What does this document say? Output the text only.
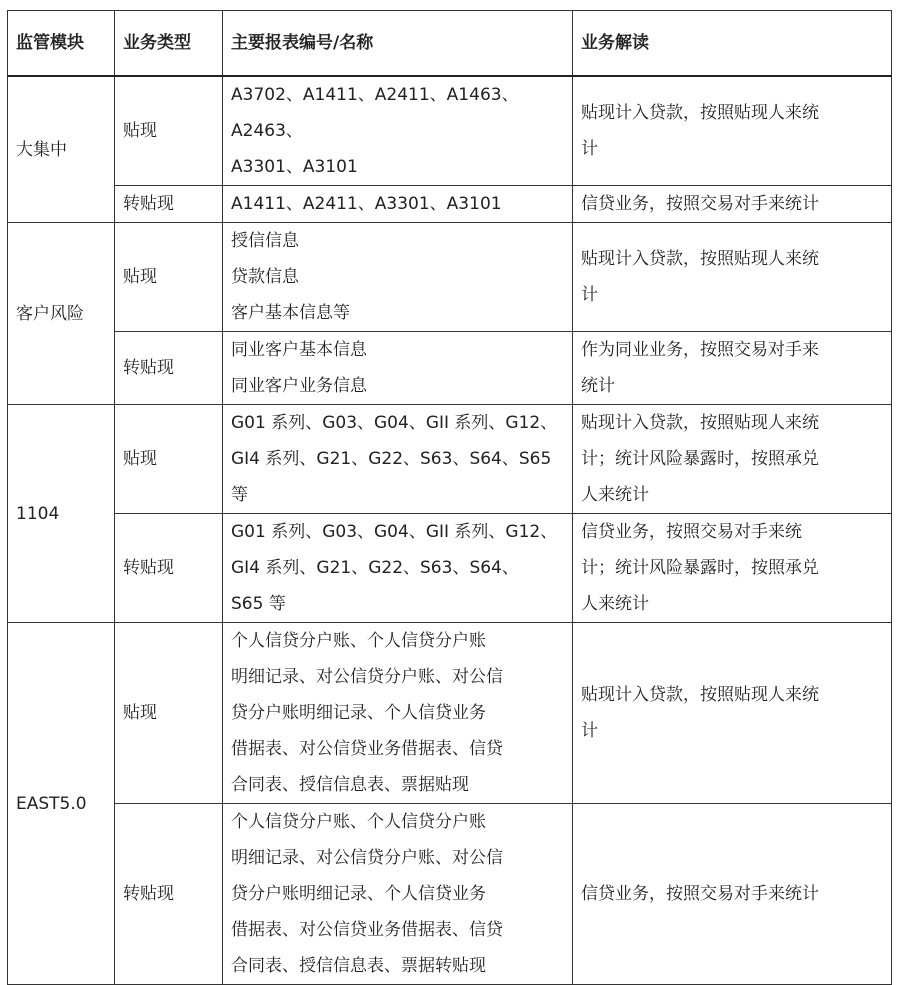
监管模块	业务类型	主要报表编号/名称	业务解读
大集中	贴现	A3702、A1411、A2411、A1463、A2463、
A3301、A3101	贴现计入贷款，按照贴现人来统
计

	转贴现	A1411、A2411、A3301、A3101	信贷业务，按照交易对手来统计

客户风险	贴现	授信信息
贷款信息
客户基本信息等	贴现计入贷款，按照贴现人来统
计

	转贴现	同业客户基本信息
同业客户业务信息	作为同业业务，按照交易对手来
统计

1104	贴现	G01 系列、G03、G04、GII 系列、G12、
GI4 系列、G21、G22、S63、S64、S65
等	贴现计入贷款，按照贴现人来统
计；统计风险暴露时，按照承兑
人来统计

	转贴现	G01 系列、G03、G04、GII 系列、G12、
GI4 系列、G21、G22、S63、S64、
S65 等	信贷业务，按照交易对手来统
计；统计风险暴露时，按照承兑
人来统计

EAST5.0	贴现	个人信贷分户账、个人信贷分户账
明细记录、对公信贷分户账、对公信
贷分户账明细记录、个人信贷业务
借据表、对公信贷业务借据表、信贷
合同表、授信信息表、票据贴现	贴现计入贷款，按照贴现人来统
计

	转贴现	个人信贷分户账、个人信贷分户账
明细记录、对公信贷分户账、对公信
贷分户账明细记录、个人信贷业务
借据表、对公信贷业务借据表、信贷
合同表、授信信息表、票据转贴现	信贷业务，按照交易对手来统计
